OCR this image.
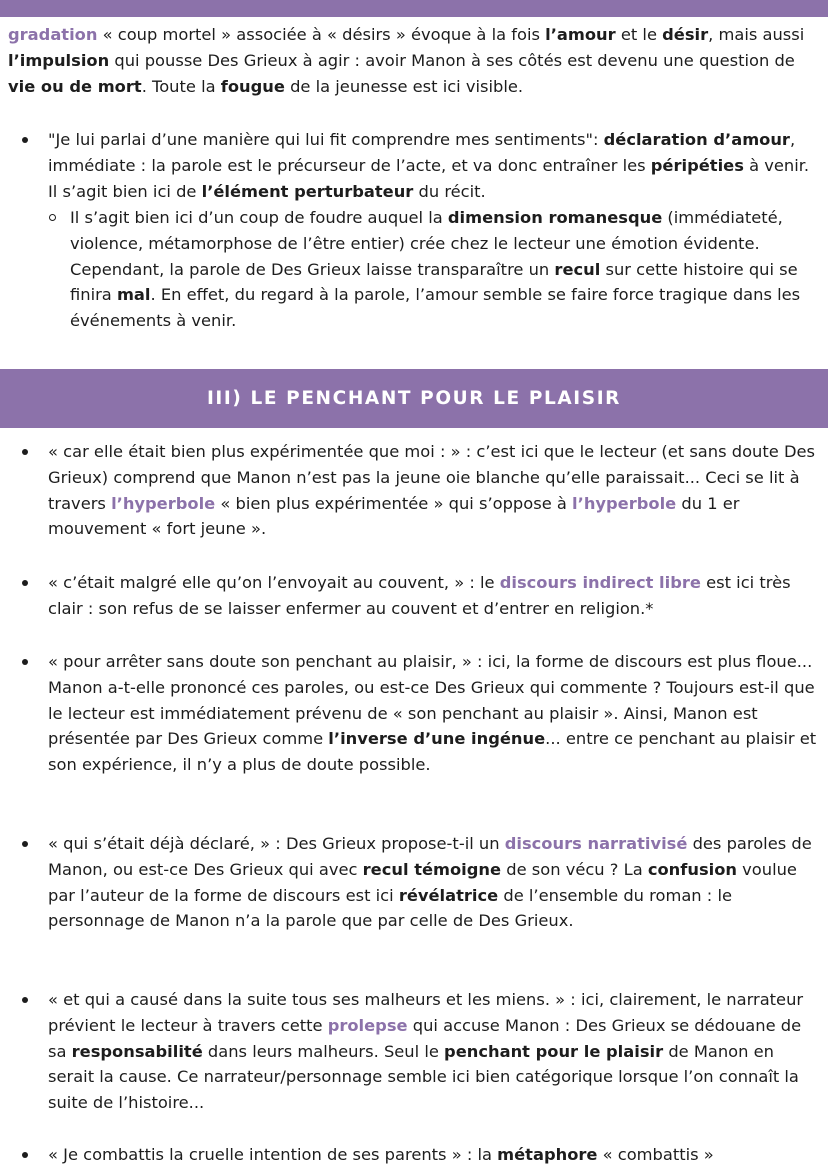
gradation « coup mortel » associée à « désirs » évoque à la fois l’amour et le désir, mais aussi l’impulsion qui pousse Des Grieux à agir : avoir Manon à ses côtés est devenu une question de vie ou de mort. Toute la fougue de la jeunesse est ici visible.

"Je lui parlai d’une manière qui lui fit comprendre mes sentiments": déclaration d’amour, immédiate : la parole est le précurseur de l’acte, et va donc entraîner les péripéties à venir. Il s’agit bien ici de l’élément perturbateur du récit.
Il s’agit bien ici d’un coup de foudre auquel la dimension romanesque (immédiateté, violence, métamorphose de l’être entier) crée chez le lecteur une émotion évidente. Cependant, la parole de Des Grieux laisse transparaître un recul sur cette histoire qui se finira mal. En effet, du regard à la parole, l’amour semble se faire force tragique dans les événements à venir.
III) LE PENCHANT POUR LE PLAISIR
« car elle était bien plus expérimentée que moi : » : c’est ici que le lecteur (et sans doute Des Grieux) comprend que Manon n’est pas la jeune oie blanche qu’elle paraissait... Ceci se lit à travers l’hyperbole « bien plus expérimentée » qui s’oppose à l’hyperbole du 1 er mouvement « fort jeune ».
« c’était malgré elle qu’on l’envoyait au couvent, » : le discours indirect libre est ici très clair : son refus de se laisser enfermer au couvent et d’entrer en religion.*
« pour arrêter sans doute son penchant au plaisir, » : ici, la forme de discours est plus floue... Manon a-t-elle prononcé ces paroles, ou est-ce Des Grieux qui commente ? Toujours est-il que le lecteur est immédiatement prévenu de « son penchant au plaisir ». Ainsi, Manon est présentée par Des Grieux comme l’inverse d’une ingénue... entre ce penchant au plaisir et son expérience, il n’y a plus de doute possible.
« qui s’était déjà déclaré, » : Des Grieux propose-t-il un discours narrativisé des paroles de Manon, ou est-ce Des Grieux qui avec recul témoigne de son vécu ? La confusion voulue par l’auteur de la forme de discours est ici révélatrice de l’ensemble du roman : le personnage de Manon n’a la parole que par celle de Des Grieux.
« et qui a causé dans la suite tous ses malheurs et les miens. » : ici, clairement, le narrateur prévient le lecteur à travers cette prolepse qui accuse Manon : Des Grieux se dédouane de sa responsabilité dans leurs malheurs. Seul le penchant pour le plaisir de Manon en serait la cause. Ce narrateur/personnage semble ici bien catégorique lorsque l’on connaît la suite de l’histoire...
« Je combattis la cruelle intention de ses parents » : la métaphore « combattis »
